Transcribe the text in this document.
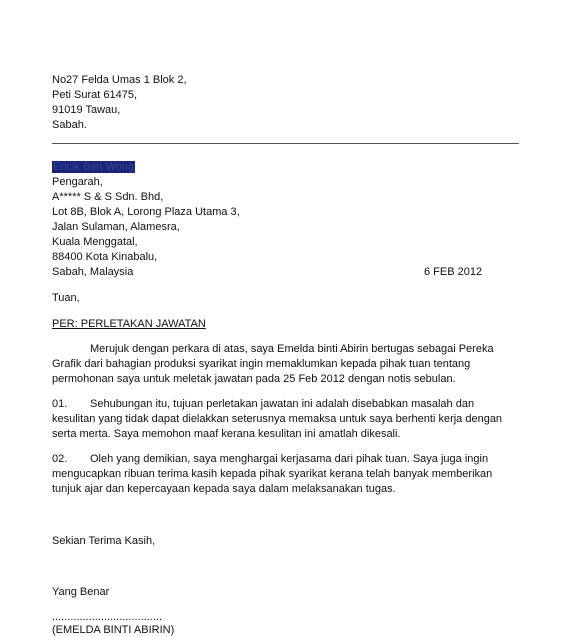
No27 Felda Umas 1 Blok 2,
Peti Surat 61475,
91019 Tawau,
Sabah.
Encik Ben Wong
Pengarah,
A***** S & S Sdn. Bhd,
Lot 8B, Blok A, Lorong Plaza Utama 3,
Jalan Sulaman, Alamesra,
Kuala Menggatal,
88400 Kota Kinabalu,
Sabah, Malaysia	6 FEB 2012
Tuan,
PER: PERLETAKAN JAWATAN
Merujuk dengan perkara di atas, saya Emelda binti Abirin bertugas sebagai Pereka
Grafik dari bahagian produksi syarikat ingin memaklumkan kepada pihak tuan tentang
permohonan saya untuk meletak jawatan pada 25 Feb 2012 dengan notis sebulan.
01. Sehubungan itu, tujuan perletakan jawatan ini adalah disebabkan masalah dan
kesulitan yang tidak dapat dielakkan seterusnya memaksa untuk saya berhenti kerja dengan
serta merta. Saya memohon maaf kerana kesulitan ini amatlah dikesali.
02. Oleh yang demikian, saya menghargai kerjasama dari pihak tuan. Saya juga ingin
mengucapkan ribuan terima kasih kepada pihak syarikat kerana telah banyak memberikan
tunjuk ajar dan kepercayaan kepada saya dalam melaksanakan tugas.
Sekian Terima Kasih,
Yang Benar
....................................
(EMELDA BINTI ABIRIN)
